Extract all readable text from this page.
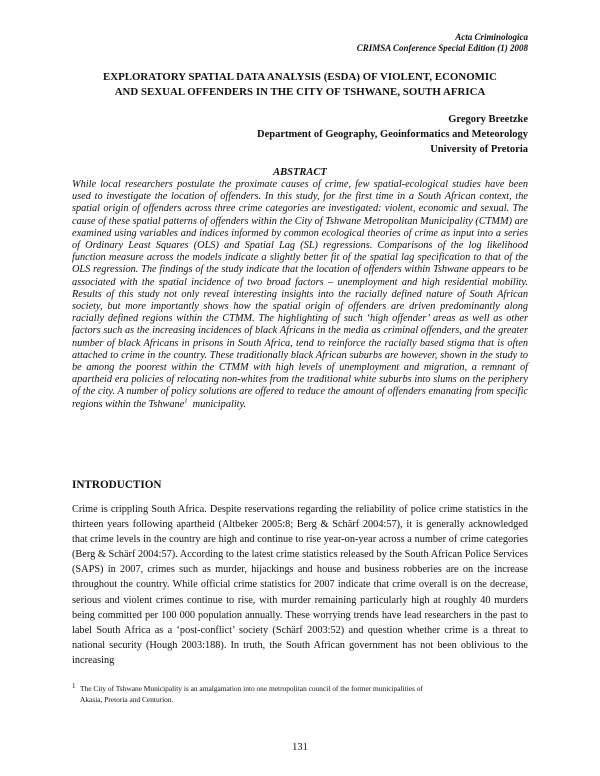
Acta Criminologica
CRIMSA Conference Special Edition (1) 2008
EXPLORATORY SPATIAL DATA ANALYSIS (ESDA) OF VIOLENT, ECONOMIC
AND SEXUAL OFFENDERS IN THE CITY OF TSHWANE, SOUTH AFRICA
Gregory Breetzke
Department of Geography, Geoinformatics and Meteorology
University of Pretoria
ABSTRACT

While local researchers postulate the proximate causes of crime, few spatial-ecological studies have been used to investigate the location of offenders. In this study, for the first time in a South African context, the spatial origin of offenders across three crime categories are investigated: violent, economic and sexual. The cause of these spatial patterns of offenders within the City of Tshwane Metropolitan Municipality (CTMM) are examined using variables and indices informed by common ecological theories of crime as input into a series of Ordinary Least Squares (OLS) and Spatial Lag (SL) regressions. Comparisons of the log likelihood function measure across the models indicate a slightly better fit of the spatial lag specification to that of the OLS regression. The findings of the study indicate that the location of offenders within Tshwane appears to be associated with the spatial incidence of two broad factors – unemployment and high residential mobility. Results of this study not only reveal interesting insights into the racially defined nature of South African society, but more importantly shows how the spatial origin of offenders are driven predominantly along racially defined regions within the CTMM. The highlighting of such ‘high offender’ areas as well as other factors such as the increasing incidences of black Africans in the media as criminal offenders, and the greater number of black Africans in prisons in South Africa, tend to reinforce the racially based stigma that is often attached to crime in the country. These traditionally black African suburbs are however, shown in the study to be among the poorest within the CTMM with high levels of unemployment and migration, a remnant of apartheid era policies of relocating non-whites from the traditional white suburbs into slums on the periphery of the city. A number of policy solutions are offered to reduce the amount of offenders emanating from specific regions within the Tshwane$^1$ municipality.

INTRODUCTION

Crime is crippling South Africa. Despite reservations regarding the reliability of police crime statistics in the thirteen years following apartheid (Altbeker 2005:8; Berg & Schärf 2004:57), it is generally acknowledged that crime levels in the country are high and continue to rise year-on-year across a number of crime categories (Berg & Schärf 2004:57). According to the latest crime statistics released by the South African Police Services (SAPS) in 2007, crimes such as murder, hijackings and house and business robberies are on the increase throughout the country. While official crime statistics for 2007 indicate that crime overall is on the decrease, serious and violent crimes continue to rise, with murder remaining particularly high at roughly 40 murders being committed per 100 000 population annually. These worrying trends have lead researchers in the past to label South Africa as a ‘post-conflict’ society (Schärf 2003:52) and question whether crime is a threat to national security (Hough 2003:188). In truth, the South African government has not been oblivious to the increasing

1 The City of Tshwane Municipality is an amalgamation into one metropolitan council of the former municipalities of
Akasia, Pretoria and Centurion.
131
